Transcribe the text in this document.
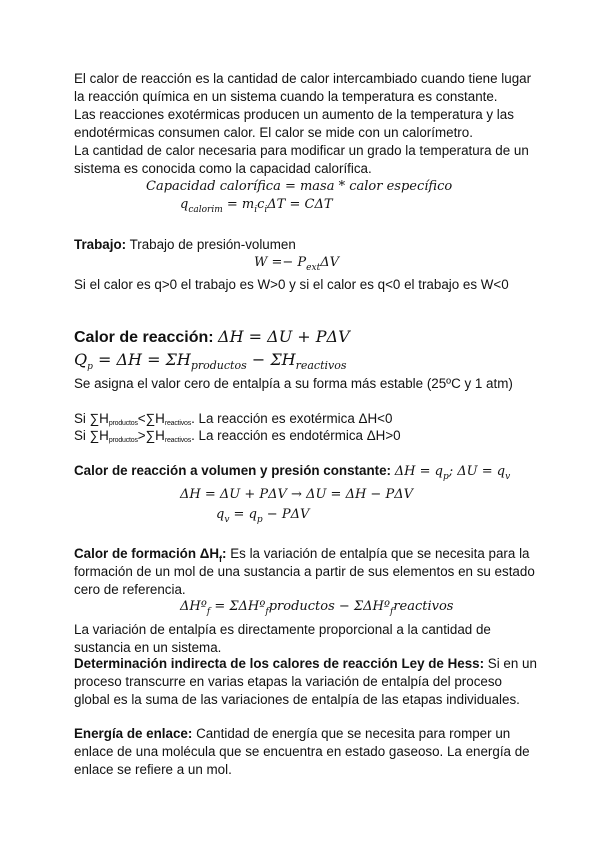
El calor de reacción es la cantidad de calor intercambiado cuando tiene lugar
la reacción química en un sistema cuando la temperatura es constante.
Las reacciones exotérmicas producen un aumento de la temperatura y las
endotérmicas consumen calor. El calor se mide con un calorímetro.
La cantidad de calor necesaria para modificar un grado la temperatura de un
sistema es conocida como la capacidad calorífica.
Capacidad calorífica = masa * calor específico
$q_{calorim} = m_ic_i\Delta T = C\Delta T$
Trabajo: Trabajo de presión-volumen
$W =- P_{ext}\Delta V$
Si el calor es q>0 el trabajo es W>0 y si el calor es q<0 el trabajo es W<0
Calor de reacción: ΔH = ΔU + PΔV
$Q_p = \Delta H = \Sigma H_{productos} - \Sigma H_{reactivos}$
Se asigna el valor cero de entalpía a su forma más estable (25ºC y 1 atm)
Si ∑Hproductos<∑Hreactivos. La reacción es exotérmica ΔH<0
Si ∑Hproductos>∑Hreactivos. La reacción es endotérmica ΔH>0
Calor de reacción a volumen y presión constante: $\Delta H = q_p$; $\Delta U = q_v$
ΔH = ΔU + PΔV → ΔU = ΔH − PΔV
$q_v = q_p - P\Delta V$
Calor de formación $\Delta H_f$: Es la variación de entalpía que se necesita para la
formación de un mol de una sustancia a partir de sus elementos en su estado
cero de referencia.
ΔHº$_f$ = ΣΔHº$_f$productos − ΣΔHº$_f$reactivos
La variación de entalpía es directamente proporcional a la cantidad de
sustancia en un sistema.
Determinación indirecta de los calores de reacción Ley de Hess: Si en un
proceso transcurre en varias etapas la variación de entalpía del proceso
global es la suma de las variaciones de entalpía de las etapas individuales.
Energía de enlace: Cantidad de energía que se necesita para romper un
enlace de una molécula que se encuentra en estado gaseoso. La energía de
enlace se refiere a un mol.
